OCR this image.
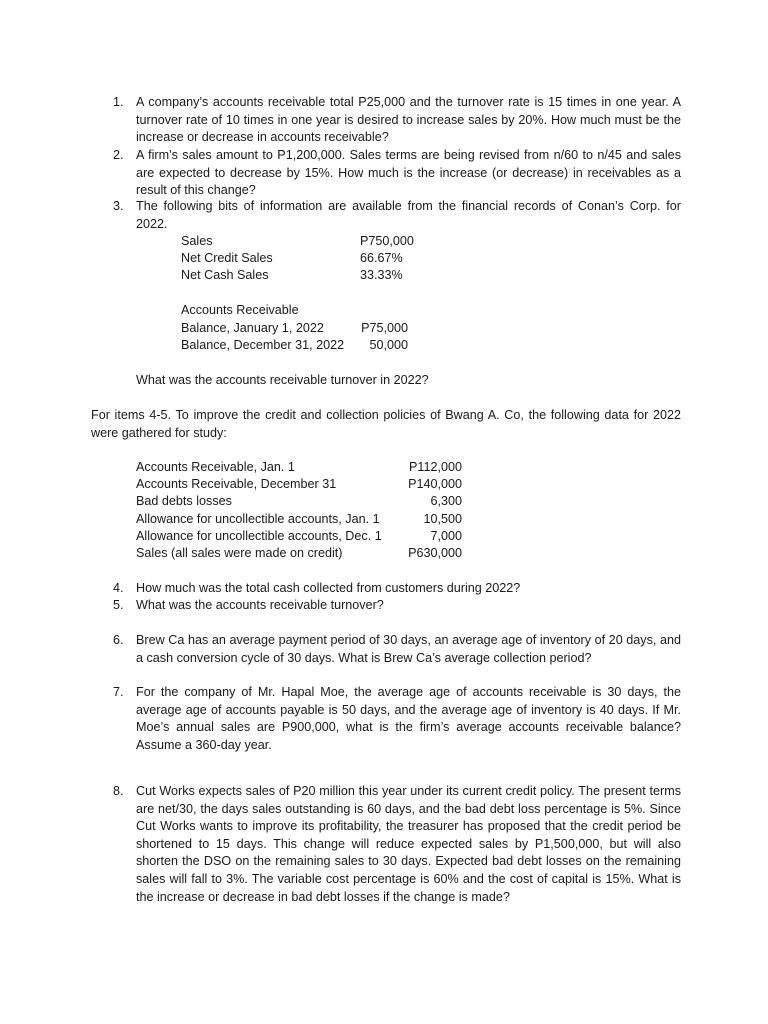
1. A company’s accounts receivable total P25,000 and the turnover rate is 15 times in one year. A turnover rate of 10 times in one year is desired to increase sales by 20%. How much must be the increase or decrease in accounts receivable?
2. A firm’s sales amount to P1,200,000. Sales terms are being revised from n/60 to n/45 and sales are expected to decrease by 15%. How much is the increase (or decrease) in receivables as a result of this change?
3. The following bits of information are available from the financial records of Conan’s Corp. for 2022.
Sales	P750,000
Net Credit Sales	66.67%
Net Cash Sales	33.33%
Accounts Receivable
Balance, January 1, 2022	P75,000
Balance, December 31, 2022	50,000
What was the accounts receivable turnover in 2022?
For items 4-5. To improve the credit and collection policies of Bwang A. Co, the following data for 2022 were gathered for study:
Accounts Receivable, Jan. 1	P112,000
Accounts Receivable, December 31	P140,000
Bad debts losses	6,300
Allowance for uncollectible accounts, Jan. 1	10,500
Allowance for uncollectible accounts, Dec. 1	7,000
Sales (all sales were made on credit)	P630,000
4. How much was the total cash collected from customers during 2022?
5. What was the accounts receivable turnover?
6. Brew Ca has an average payment period of 30 days, an average age of inventory of 20 days, and a cash conversion cycle of 30 days. What is Brew Ca’s average collection period?
7. For the company of Mr. Hapal Moe, the average age of accounts receivable is 30 days, the average age of accounts payable is 50 days, and the average age of inventory is 40 days. If Mr. Moe’s annual sales are P900,000, what is the firm’s average accounts receivable balance? Assume a 360-day year.
8. Cut Works expects sales of P20 million this year under its current credit policy. The present terms are net/30, the days sales outstanding is 60 days, and the bad debt loss percentage is 5%. Since Cut Works wants to improve its profitability, the treasurer has proposed that the credit period be shortened to 15 days. This change will reduce expected sales by P1,500,000, but will also shorten the DSO on the remaining sales to 30 days. Expected bad debt losses on the remaining sales will fall to 3%. The variable cost percentage is 60% and the cost of capital is 15%. What is the increase or decrease in bad debt losses if the change is made?
